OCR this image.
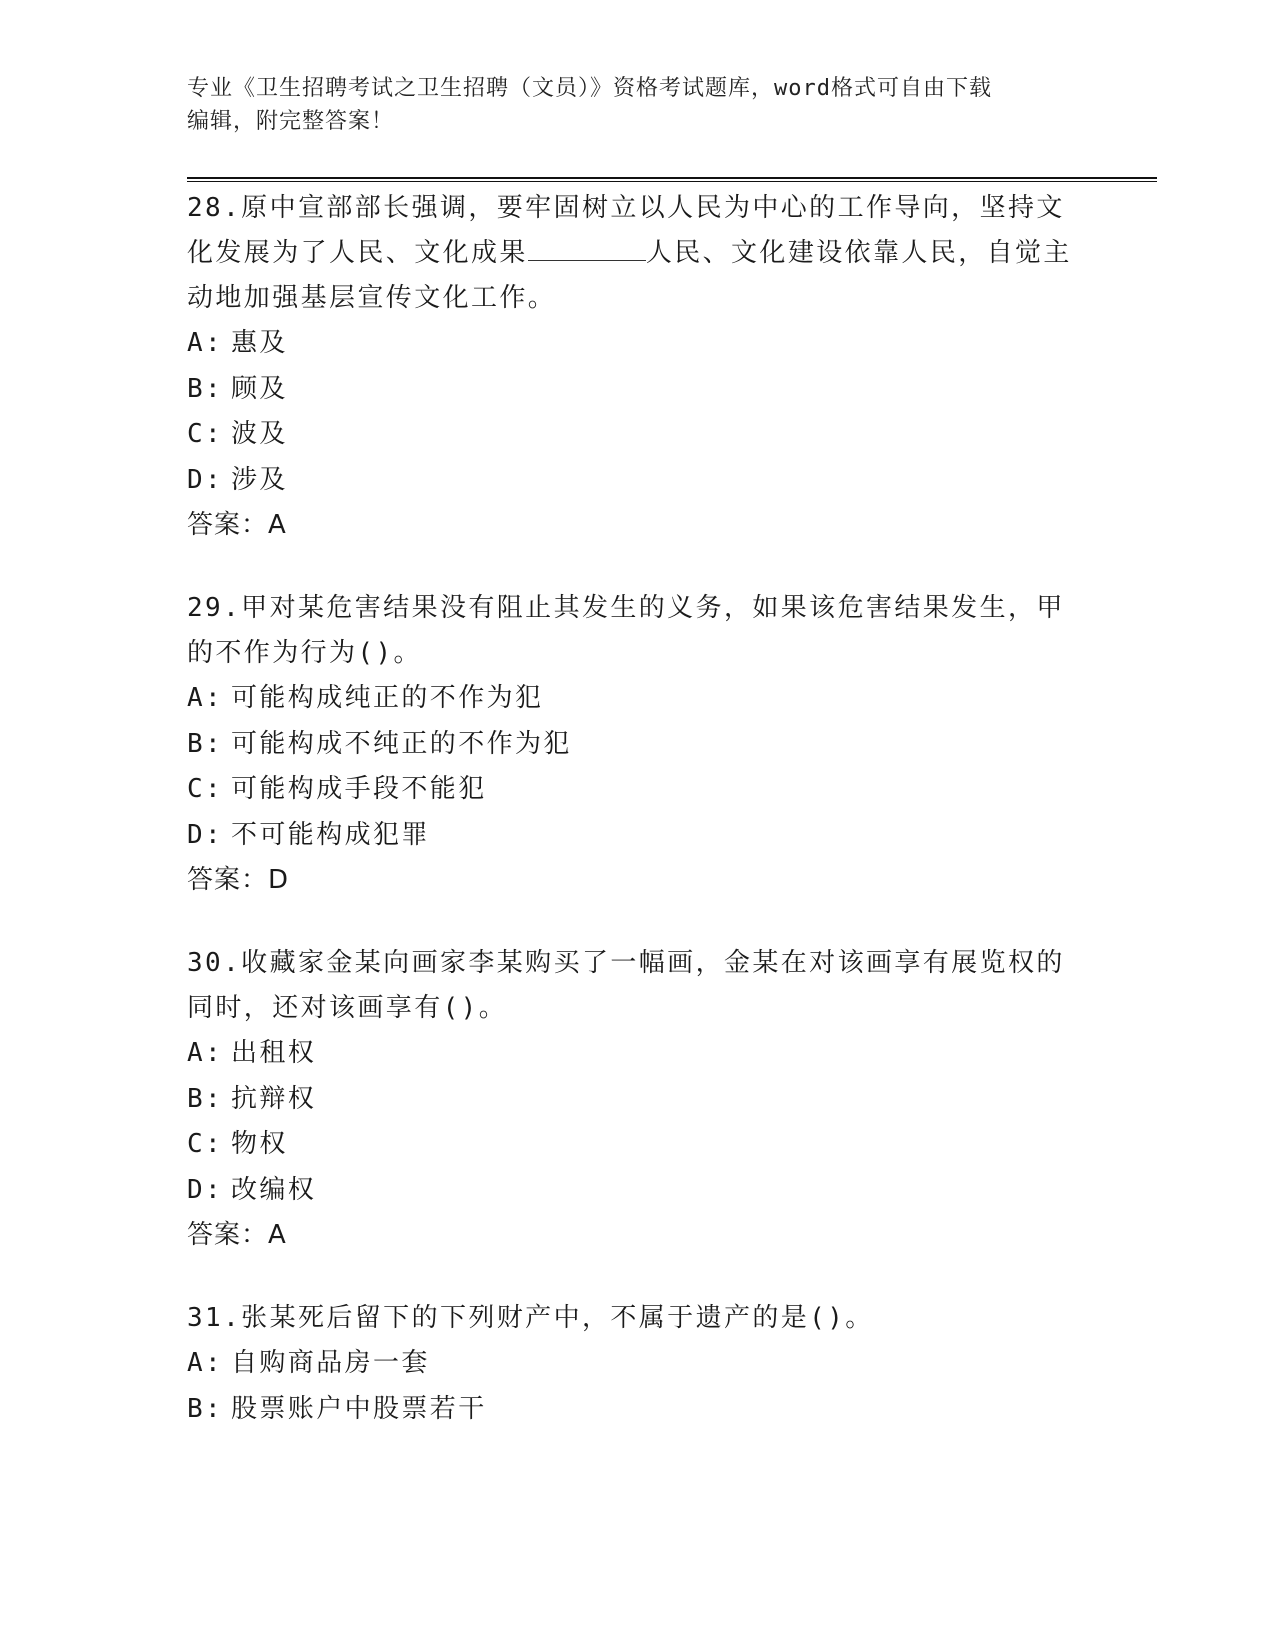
专业《卫生招聘考试之卫生招聘（文员）》资格考试题库，word格式可自由下载
编辑，附完整答案！

28.原中宣部部长强调，要牢固树立以人民为中心的工作导向，坚持文化发展为了人民、文化成果	人民、文化建设依靠人民，自觉主动地加强基层宣传文化工作。

A: 惠及

B: 顾及

C: 波及

D: 涉及

答案：A

29.甲对某危害结果没有阻止其发生的义务，如果该危害结果发生，甲的不作为行为()。

A: 可能构成纯正的不作为犯

B: 可能构成不纯正的不作为犯

C: 可能构成手段不能犯

D: 不可能构成犯罪

答案：D

30.收藏家金某向画家李某购买了一幅画，金某在对该画享有展览权的同时，还对该画享有()。

A: 出租权

B: 抗辩权

C: 物权

D: 改编权

答案：A

31.张某死后留下的下列财产中，不属于遗产的是()。

A: 自购商品房一套

B: 股票账户中股票若干
